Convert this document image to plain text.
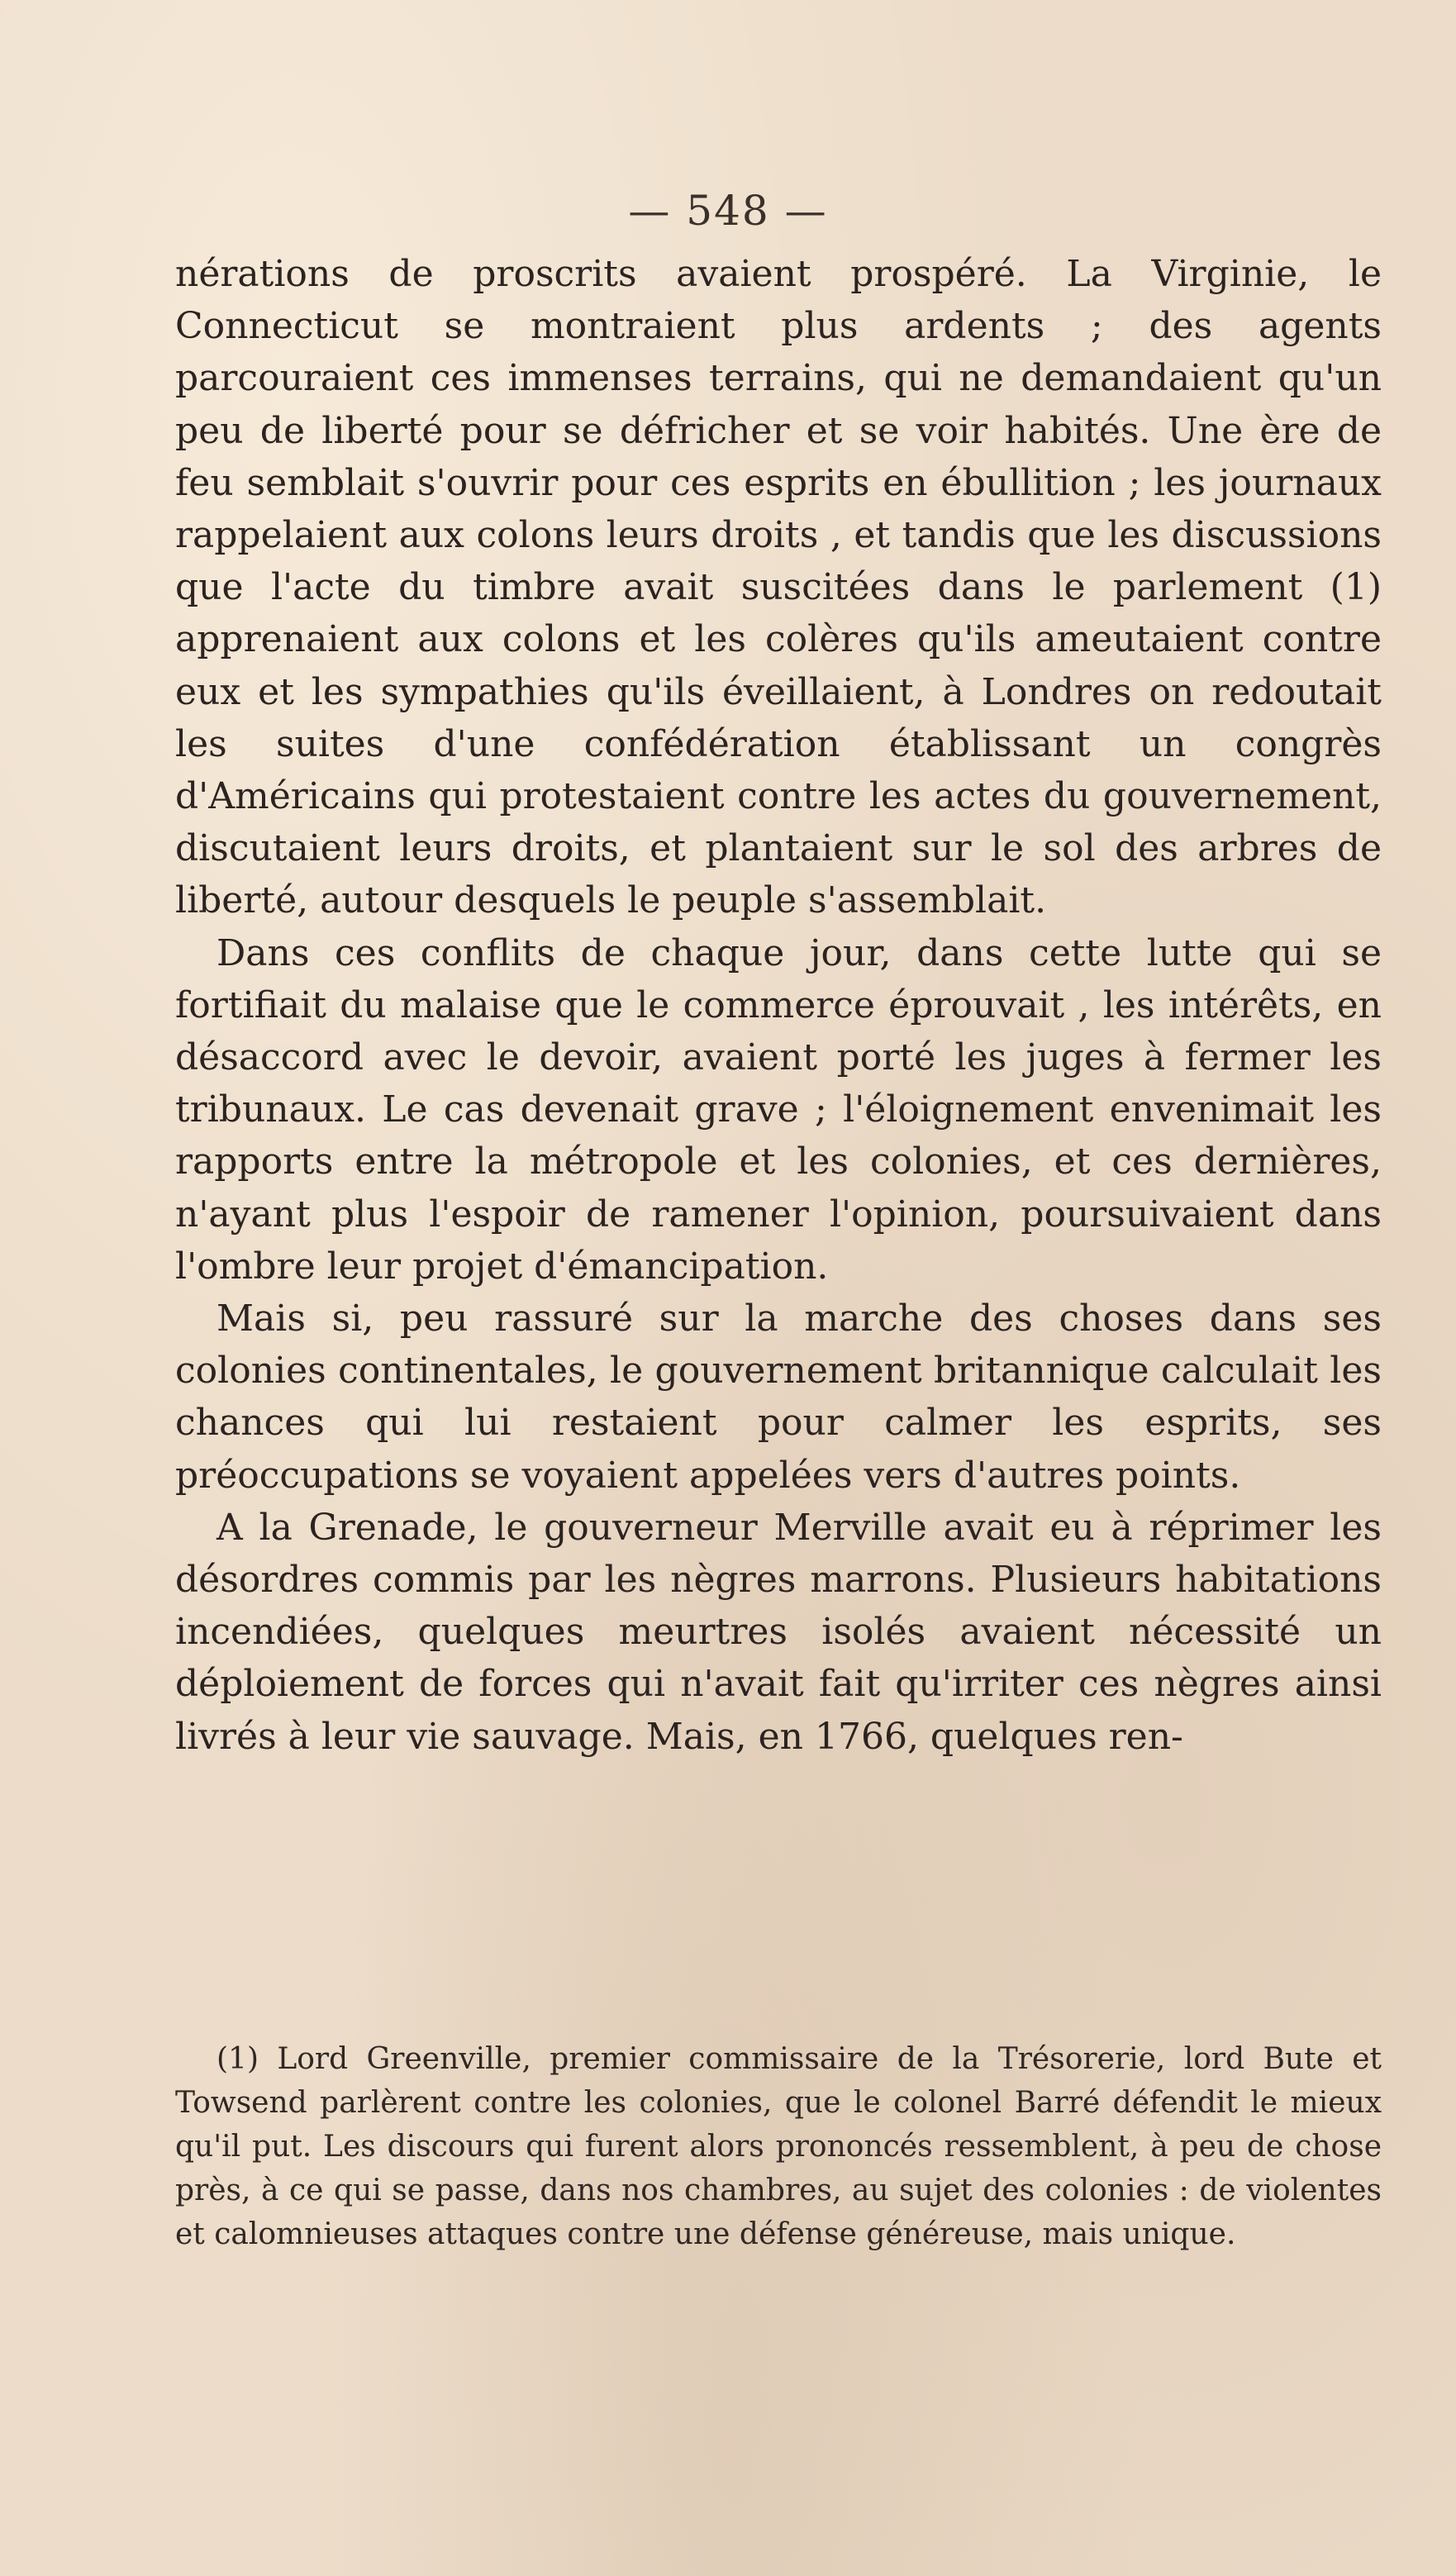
— 548 —

nérations de proscrits avaient prospéré. La Virginie, le Connecticut se montraient plus ardents ; des agents parcouraient ces immenses terrains, qui ne demandaient qu'un peu de liberté pour se défricher et se voir habités. Une ère de feu semblait s'ouvrir pour ces esprits en ébullition ; les journaux rappelaient aux colons leurs droits , et tandis que les discussions que l'acte du timbre avait suscitées dans le parlement (1) apprenaient aux colons et les colères qu'ils ameutaient contre eux et les sympathies qu'ils éveillaient, à Londres on redoutait les suites d'une confédération établissant un congrès d'Américains qui protestaient contre les actes du gouvernement, discutaient leurs droits, et plantaient sur le sol des arbres de liberté, autour desquels le peuple s'assemblait.

Dans ces conflits de chaque jour, dans cette lutte qui se fortifiait du malaise que le commerce éprouvait , les intérêts, en désaccord avec le devoir, avaient porté les juges à fermer les tribunaux. Le cas devenait grave ; l'éloignement envenimait les rapports entre la métropole et les colonies, et ces dernières, n'ayant plus l'espoir de ramener l'opinion, poursuivaient dans l'ombre leur projet d'émancipation.

Mais si, peu rassuré sur la marche des choses dans ses colonies continentales, le gouvernement britannique calculait les chances qui lui restaient pour calmer les esprits, ses préoccupations se voyaient appelées vers d'autres points.

A la Grenade, le gouverneur Merville avait eu à réprimer les désordres commis par les nègres marrons. Plusieurs habitations incendiées, quelques meurtres isolés avaient nécessité un déploiement de forces qui n'avait fait qu'irriter ces nègres ainsi livrés à leur vie sauvage. Mais, en 1766, quelques ren-

(1) Lord Greenville, premier commissaire de la Trésorerie, lord Bute et Towsend parlèrent contre les colonies, que le colonel Barré défendit le mieux qu'il put. Les discours qui furent alors prononcés ressemblent, à peu de chose près, à ce qui se passe, dans nos chambres, au sujet des colonies : de violentes et calomnieuses attaques contre une défense généreuse, mais unique.
